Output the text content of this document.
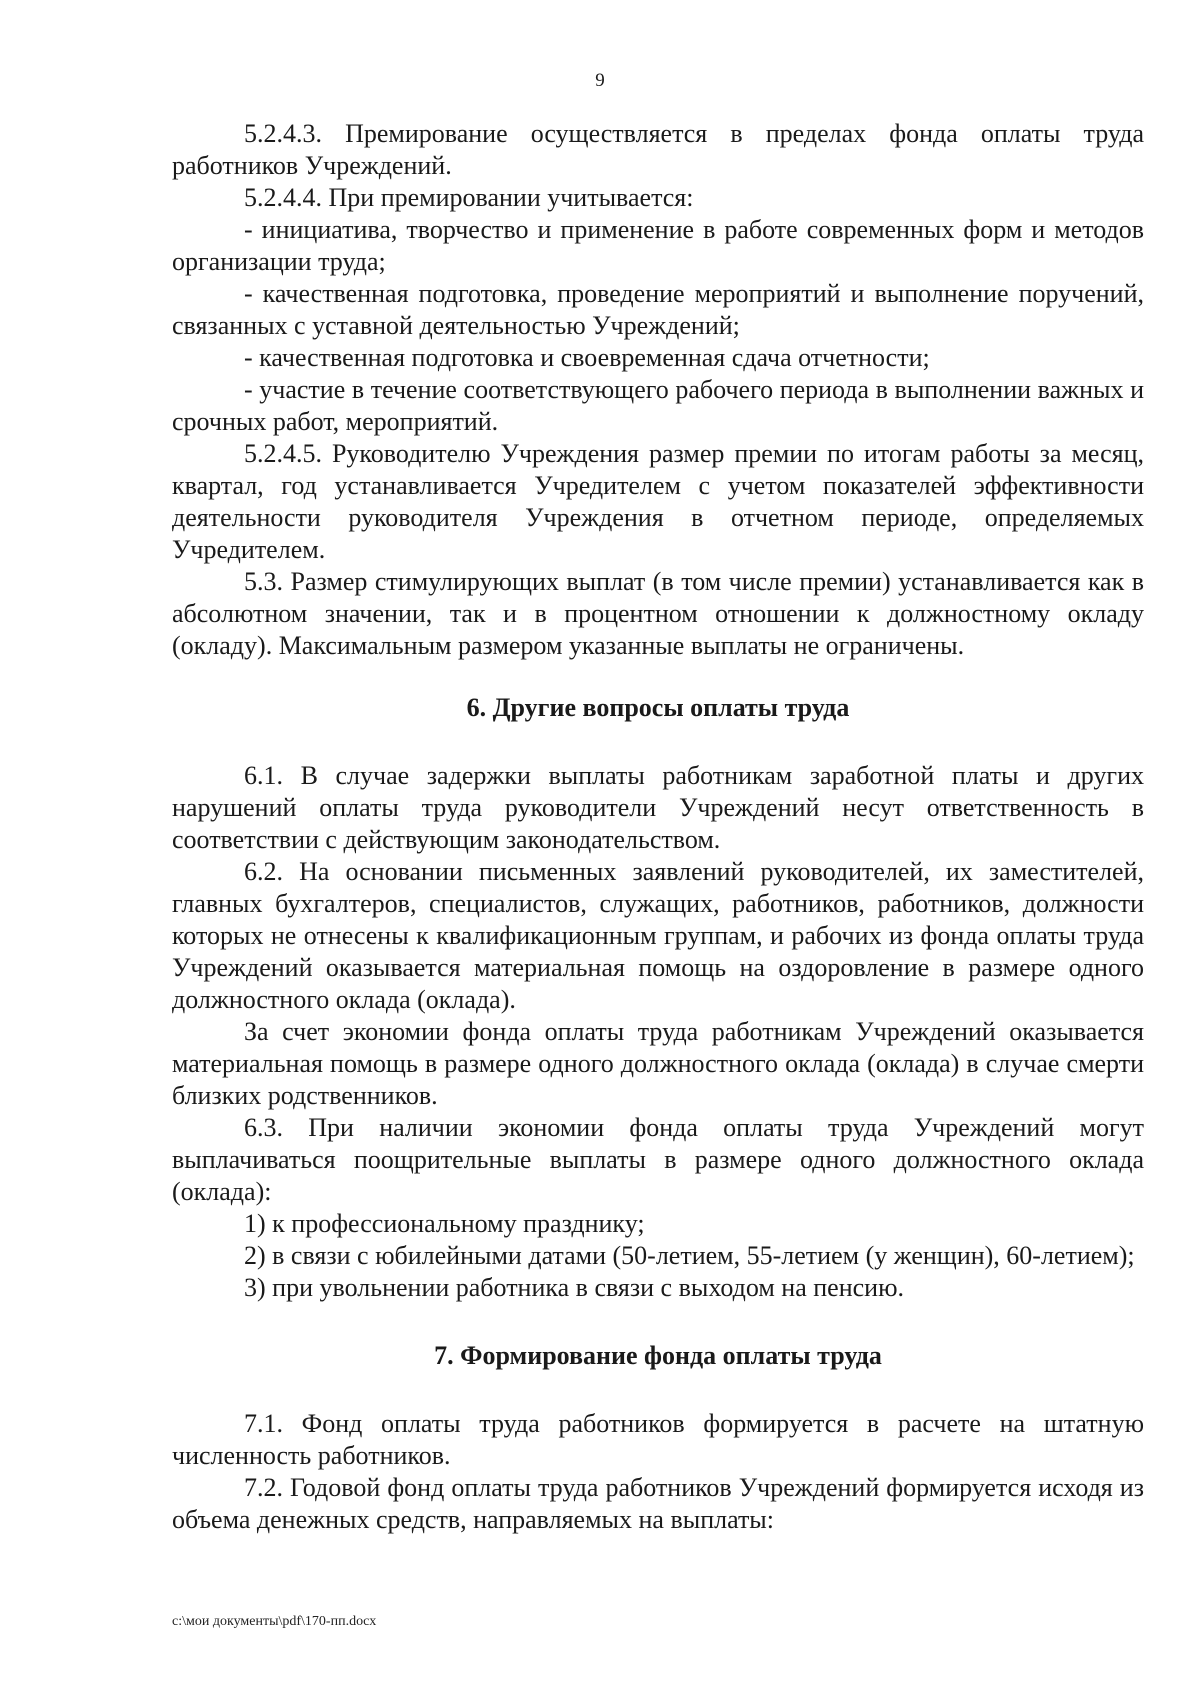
9

5.2.4.3. Премирование осуществляется в пределах фонда оплаты труда работников Учреждений.

5.2.4.4. При премировании учитывается:

- инициатива, творчество и применение в работе современных форм и методов организации труда;

- качественная подготовка, проведение мероприятий и выполнение поручений, связанных с уставной деятельностью Учреждений;

- качественная подготовка и своевременная сдача отчетности;

- участие в течение соответствующего рабочего периода в выполнении важных и срочных работ, мероприятий.

5.2.4.5. Руководителю Учреждения размер премии по итогам работы за месяц, квартал, год устанавливается Учредителем с учетом показателей эффективности деятельности руководителя Учреждения в отчетном периоде, определяемых Учредителем.

5.3. Размер стимулирующих выплат (в том числе премии) устанавливается как в абсолютном значении, так и в процентном отношении к должностному окладу (окладу). Максимальным размером указанные выплаты не ограничены.

6. Другие вопросы оплаты труда

6.1. В случае задержки выплаты работникам заработной платы и других нарушений оплаты труда руководители Учреждений несут ответственность в соответствии с действующим законодательством.

6.2. На основании письменных заявлений руководителей, их заместителей, главных бухгалтеров, специалистов, служащих, работников, работников, должности которых не отнесены к квалификационным группам, и рабочих из фонда оплаты труда Учреждений оказывается материальная помощь на оздоровление в размере одного должностного оклада (оклада).

За счет экономии фонда оплаты труда работникам Учреждений оказывается материальная помощь в размере одного должностного оклада (оклада) в случае смерти близких родственников.

6.3. При наличии экономии фонда оплаты труда Учреждений могут выплачиваться поощрительные выплаты в размере одного должностного оклада (оклада):

1) к профессиональному празднику;

2) в связи с юбилейными датами (50-летием, 55-летием (у женщин), 60-летием);

3) при увольнении работника в связи с выходом на пенсию.

7. Формирование фонда оплаты труда

7.1. Фонд оплаты труда работников формируется в расчете на штатную численность работников.

7.2. Годовой фонд оплаты труда работников Учреждений формируется исходя из объема денежных средств, направляемых на выплаты:

c:\мои документы\pdf\170-пп.docx
